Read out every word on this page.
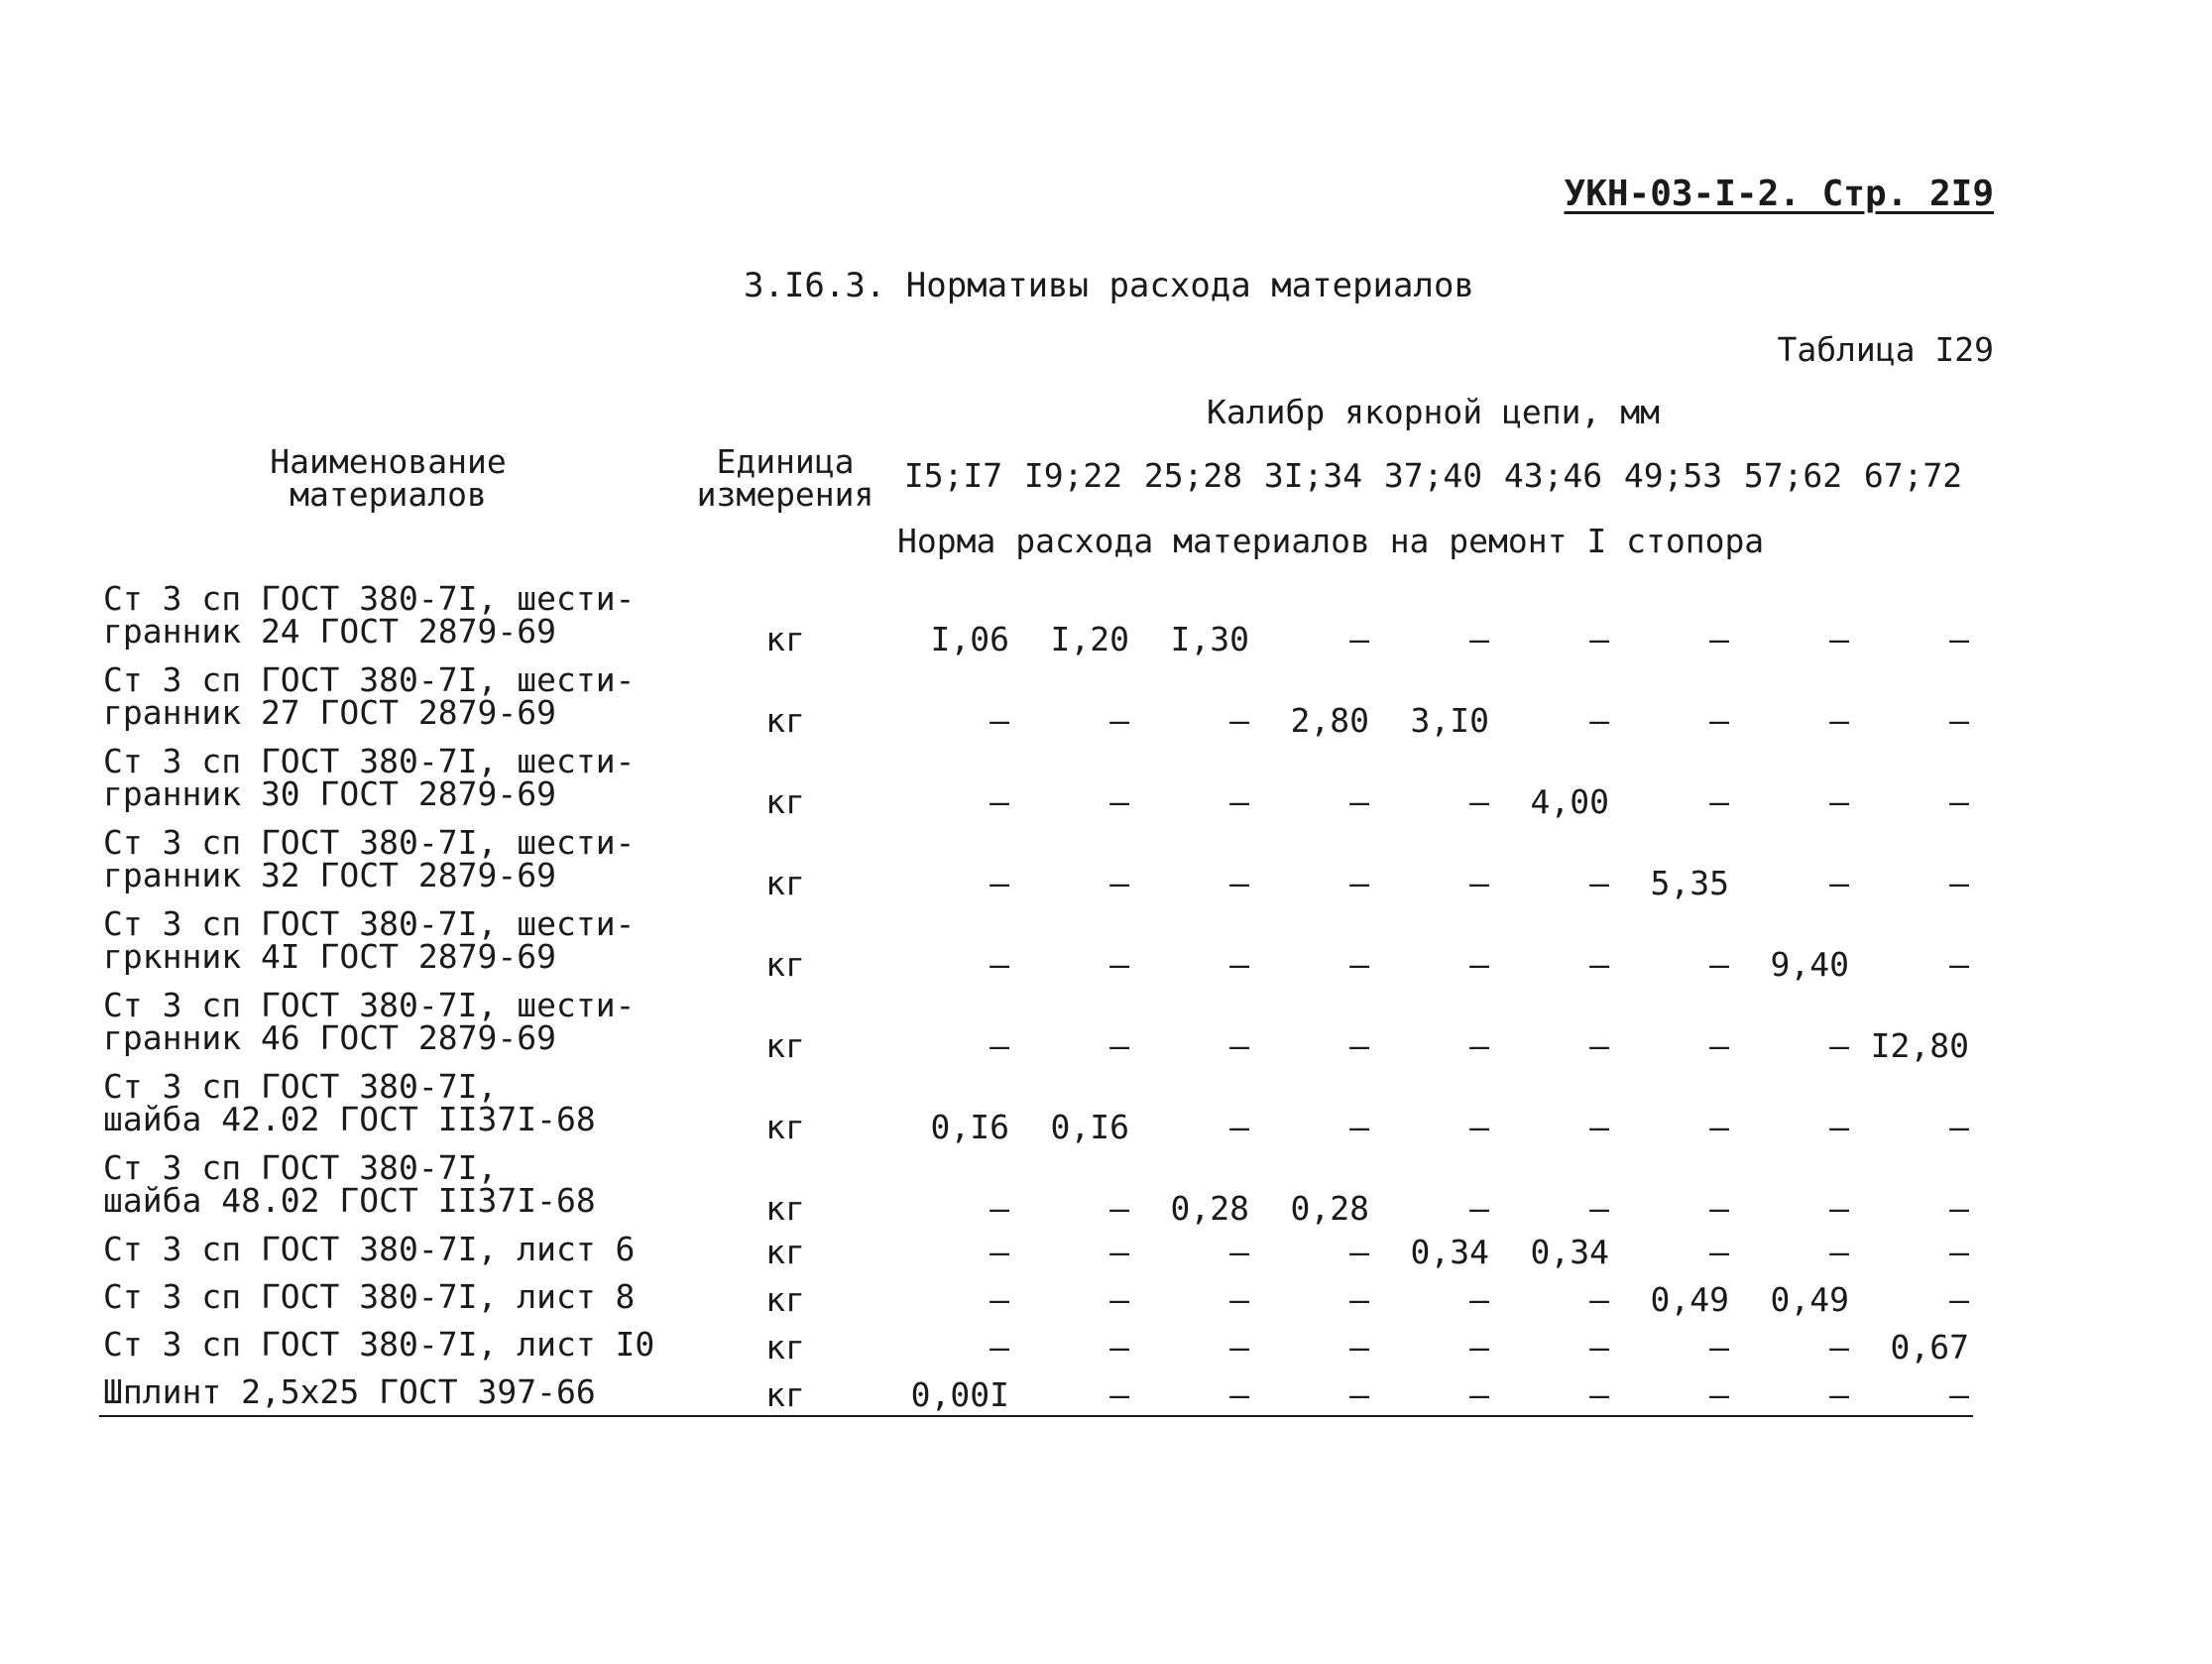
УКН-03-I-2. Стр. 2I9
3.I6.3. Нормативы расхода материалов
Таблица I29
Наименование
материалов	Единица
измерения	Калибр якорной цепи, мм								
		I5;I7	I9;22	25;28	3I;34	37;40	43;46	49;53	57;62	67;72
		Норма расхода материалов на ремонт I стопора								
Ст 3 сп ГОСТ 380-7I, шести-
гранник 24 ГОСТ 2879-69	кг	I,06	I,20	I,30	–	–	–	–	–	–
Ст 3 сп ГОСТ 380-7I, шести-
гранник 27 ГОСТ 2879-69	кг	–	–	–	2,80	3,I0	–	–	–	–
Ст 3 сп ГОСТ 380-7I, шести-
гранник 30 ГОСТ 2879-69	кг	–	–	–	–	–	4,00	–	–	–
Ст 3 сп ГОСТ 380-7I, шести-
гранник 32 ГОСТ 2879-69	кг	–	–	–	–	–	–	5,35	–	–
Ст 3 сп ГОСТ 380-7I, шести-
гркнник 4I ГОСТ 2879-69	кг	–	–	–	–	–	–	–	9,40	–
Ст 3 сп ГОСТ 380-7I, шести-
гранник 46 ГОСТ 2879-69	кг	–	–	–	–	–	–	–	–	I2,80
Ст 3 сп ГОСТ 380-7I,
шайба 42.02 ГОСТ II37I-68	кг	0,I6	0,I6	–	–	–	–	–	–	–
Ст 3 сп ГОСТ 380-7I,
шайба 48.02 ГОСТ II37I-68	кг	–	–	0,28	0,28	–	–	–	–	–
Ст 3 сп ГОСТ 380-7I, лист 6	кг	–	–	–	–	0,34	0,34	–	–	–
Ст 3 сп ГОСТ 380-7I, лист 8	кг	–	–	–	–	–	–	0,49	0,49	–
Ст 3 сп ГОСТ 380-7I, лист I0	кг	–	–	–	–	–	–	–	–	0,67
Шплинт 2,5х25 ГОСТ 397-66	кг	0,00I	–	–	–	–	–	–	–	–
